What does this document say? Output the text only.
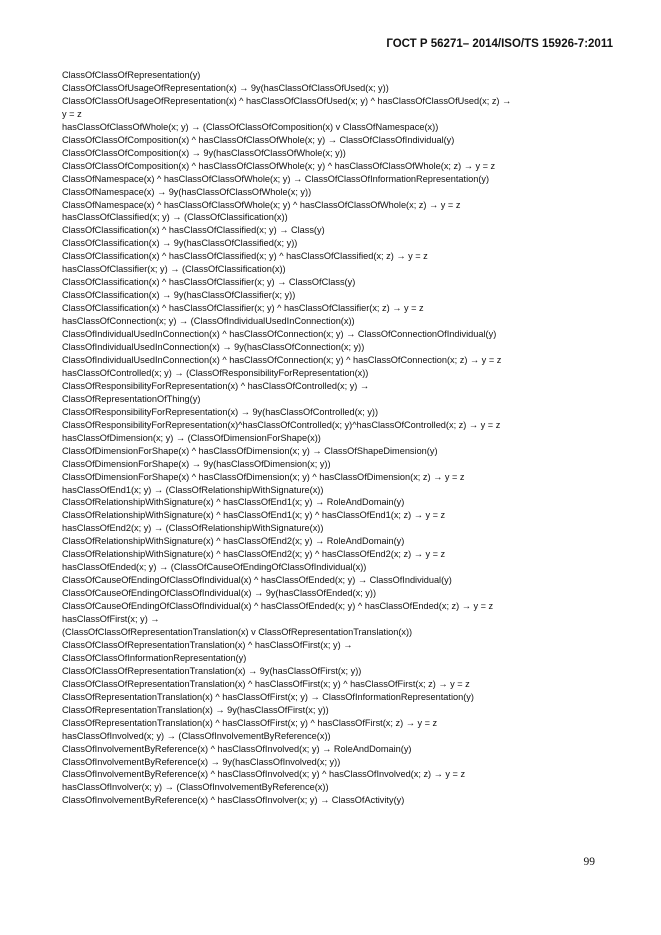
ГОСТ Р 56271– 2014/ISO/TS 15926-7:2011
ClassOfClassOfRepresentation(y)
ClassOfClassOfUsageOfRepresentation(x) → 9y(hasClassOfClassOfUsed(x; y))
ClassOfClassOfUsageOfRepresentation(x) ^ hasClassOfClassOfUsed(x; y) ^ hasClassOfClassOfUsed(x; z) →
y = z
hasClassOfClassOfWhole(x; y) → (ClassOfClassOfComposition(x) v ClassOfNamespace(x))
ClassOfClassOfComposition(x) ^ hasClassOfClassOfWhole(x; y) → ClassOfClassOfIndividual(y)
ClassOfClassOfComposition(x) → 9y(hasClassOfClassOfWhole(x; y))
ClassOfClassOfComposition(x) ^ hasClassOfClassOfWhole(x; y) ^ hasClassOfClassOfWhole(x; z) → y = z
ClassOfNamespace(x) ^ hasClassOfClassOfWhole(x; y) → ClassOfClassOfInformationRepresentation(y)
ClassOfNamespace(x) → 9y(hasClassOfClassOfWhole(x; y))
ClassOfNamespace(x) ^ hasClassOfClassOfWhole(x; y) ^ hasClassOfClassOfWhole(x; z) → y = z
hasClassOfClassified(x; y) → (ClassOfClassification(x))
ClassOfClassification(x) ^ hasClassOfClassified(x; y) → Class(y)
ClassOfClassification(x) → 9y(hasClassOfClassified(x; y))
ClassOfClassification(x) ^ hasClassOfClassified(x; y) ^ hasClassOfClassified(x; z) → y = z
hasClassOfClassifier(x; y) → (ClassOfClassification(x))
ClassOfClassification(x) ^ hasClassOfClassifier(x; y) → ClassOfClass(y)
ClassOfClassification(x) → 9y(hasClassOfClassifier(x; y))
ClassOfClassification(x) ^ hasClassOfClassifier(x; y) ^ hasClassOfClassifier(x; z) → y = z
hasClassOfConnection(x; y) → (ClassOfIndividualUsedInConnection(x))
ClassOfIndividualUsedInConnection(x) ^ hasClassOfConnection(x; y) → ClassOfConnectionOfIndividual(y)
ClassOfIndividualUsedInConnection(x) → 9y(hasClassOfConnection(x; y))
ClassOfIndividualUsedInConnection(x) ^ hasClassOfConnection(x; y) ^ hasClassOfConnection(x; z) → y = z
hasClassOfControlled(x; y) → (ClassOfResponsibilityForRepresentation(x))
ClassOfResponsibilityForRepresentation(x) ^ hasClassOfControlled(x; y) →
ClassOfRepresentationOfThing(y)
ClassOfResponsibilityForRepresentation(x) → 9y(hasClassOfControlled(x; y))
ClassOfResponsibilityForRepresentation(x)^hasClassOfControlled(x; y)^hasClassOfControlled(x; z) → y = z
hasClassOfDimension(x; y) → (ClassOfDimensionForShape(x))
ClassOfDimensionForShape(x) ^ hasClassOfDimension(x; y) → ClassOfShapeDimension(y)
ClassOfDimensionForShape(x) → 9y(hasClassOfDimension(x; y))
ClassOfDimensionForShape(x) ^ hasClassOfDimension(x; y) ^ hasClassOfDimension(x; z) → y = z
hasClassOfEnd1(x; y) → (ClassOfRelationshipWithSignature(x))
ClassOfRelationshipWithSignature(x) ^ hasClassOfEnd1(x; y) → RoleAndDomain(y)
ClassOfRelationshipWithSignature(x) ^ hasClassOfEnd1(x; y) ^ hasClassOfEnd1(x; z) → y = z
hasClassOfEnd2(x; y) → (ClassOfRelationshipWithSignature(x))
ClassOfRelationshipWithSignature(x) ^ hasClassOfEnd2(x; y) → RoleAndDomain(y)
ClassOfRelationshipWithSignature(x) ^ hasClassOfEnd2(x; y) ^ hasClassOfEnd2(x; z) → y = z
hasClassOfEnded(x; y) → (ClassOfCauseOfEndingOfClassOfIndividual(x))
ClassOfCauseOfEndingOfClassOfIndividual(x) ^ hasClassOfEnded(x; y) → ClassOfIndividual(y)
ClassOfCauseOfEndingOfClassOfIndividual(x) → 9y(hasClassOfEnded(x; y))
ClassOfCauseOfEndingOfClassOfIndividual(x) ^ hasClassOfEnded(x; y) ^ hasClassOfEnded(x; z) → y = z
hasClassOfFirst(x; y) →
(ClassOfClassOfRepresentationTranslation(x) v ClassOfRepresentationTranslation(x))
ClassOfClassOfRepresentationTranslation(x) ^ hasClassOfFirst(x; y) →
ClassOfClassOfInformationRepresentation(y)
ClassOfClassOfRepresentationTranslation(x) → 9y(hasClassOfFirst(x; y))
ClassOfClassOfRepresentationTranslation(x) ^ hasClassOfFirst(x; y) ^ hasClassOfFirst(x; z) → y = z
ClassOfRepresentationTranslation(x) ^ hasClassOfFirst(x; y) → ClassOfInformationRepresentation(y)
ClassOfRepresentationTranslation(x) → 9y(hasClassOfFirst(x; y))
ClassOfRepresentationTranslation(x) ^ hasClassOfFirst(x; y) ^ hasClassOfFirst(x; z) → y = z
hasClassOfInvolved(x; y) → (ClassOfInvolvementByReference(x))
ClassOfInvolvementByReference(x) ^ hasClassOfInvolved(x; y) → RoleAndDomain(y)
ClassOfInvolvementByReference(x) → 9y(hasClassOfInvolved(x; y))
ClassOfInvolvementByReference(x) ^ hasClassOfInvolved(x; y) ^ hasClassOfInvolved(x; z) → y = z
hasClassOfInvolver(x; y) → (ClassOfInvolvementByReference(x))
ClassOfInvolvementByReference(x) ^ hasClassOfInvolver(x; y) → ClassOfActivity(y)
99
